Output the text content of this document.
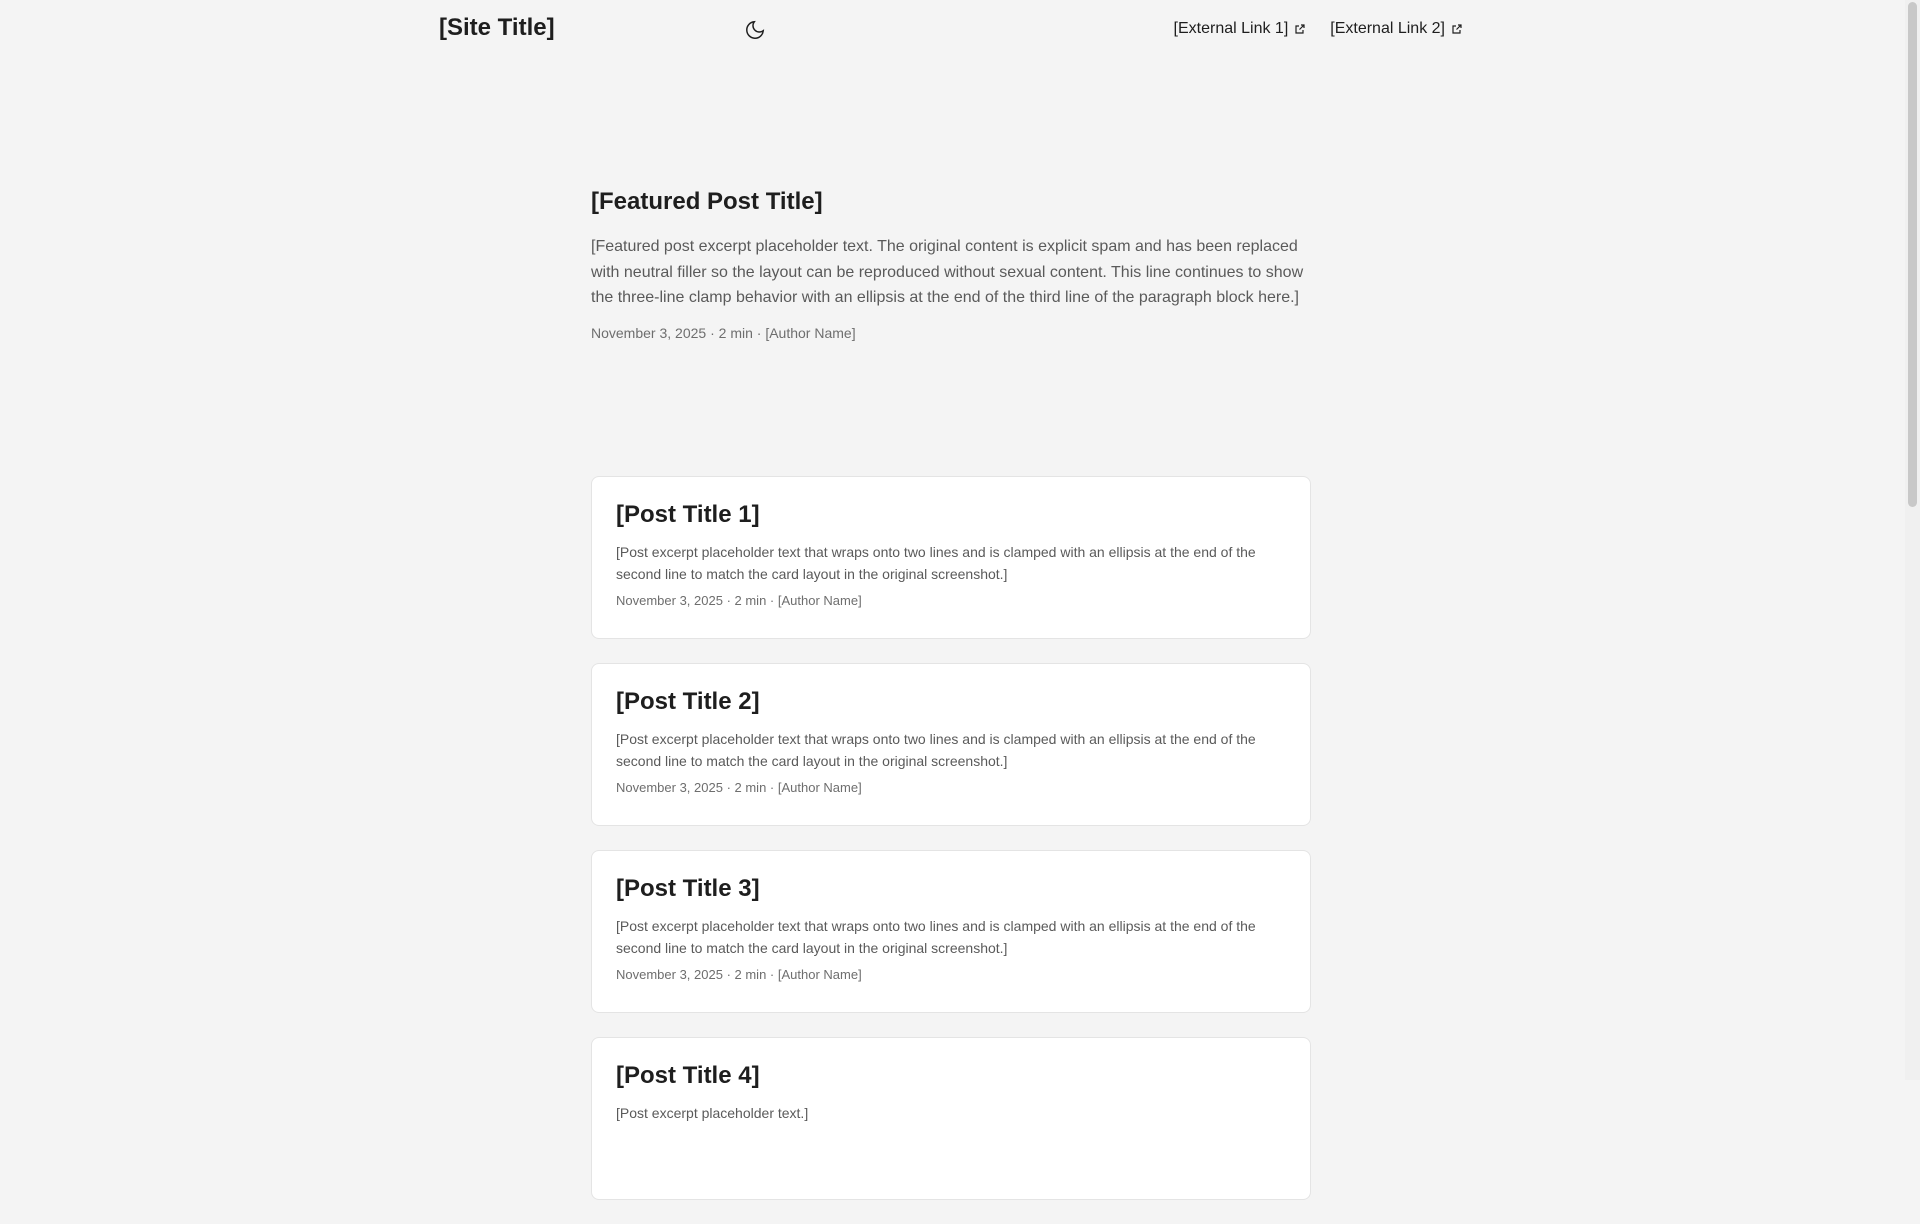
[Site Title]	[External Link 1]	[External Link 2]
[Featured Post Title]
[Featured post excerpt placeholder text. The original content is explicit spam and has been replaced with neutral filler so the layout can be reproduced without sexual content. This line continues to show the three-line clamp behavior with an ellipsis at the end of the third line of the paragraph block here.]
November 3, 2025 · 2 min · [Author Name]
[Post Title 1]
[Post excerpt placeholder text that wraps onto two lines and is clamped with an ellipsis at the end of the second line to match the card layout in the original screenshot.]
November 3, 2025 · 2 min · [Author Name]
[Post Title 2]
[Post excerpt placeholder text that wraps onto two lines and is clamped with an ellipsis at the end of the second line to match the card layout in the original screenshot.]
November 3, 2025 · 2 min · [Author Name]
[Post Title 3]
[Post excerpt placeholder text that wraps onto two lines and is clamped with an ellipsis at the end of the second line to match the card layout in the original screenshot.]
November 3, 2025 · 2 min · [Author Name]
[Post Title 4]
[Post excerpt placeholder text.]
